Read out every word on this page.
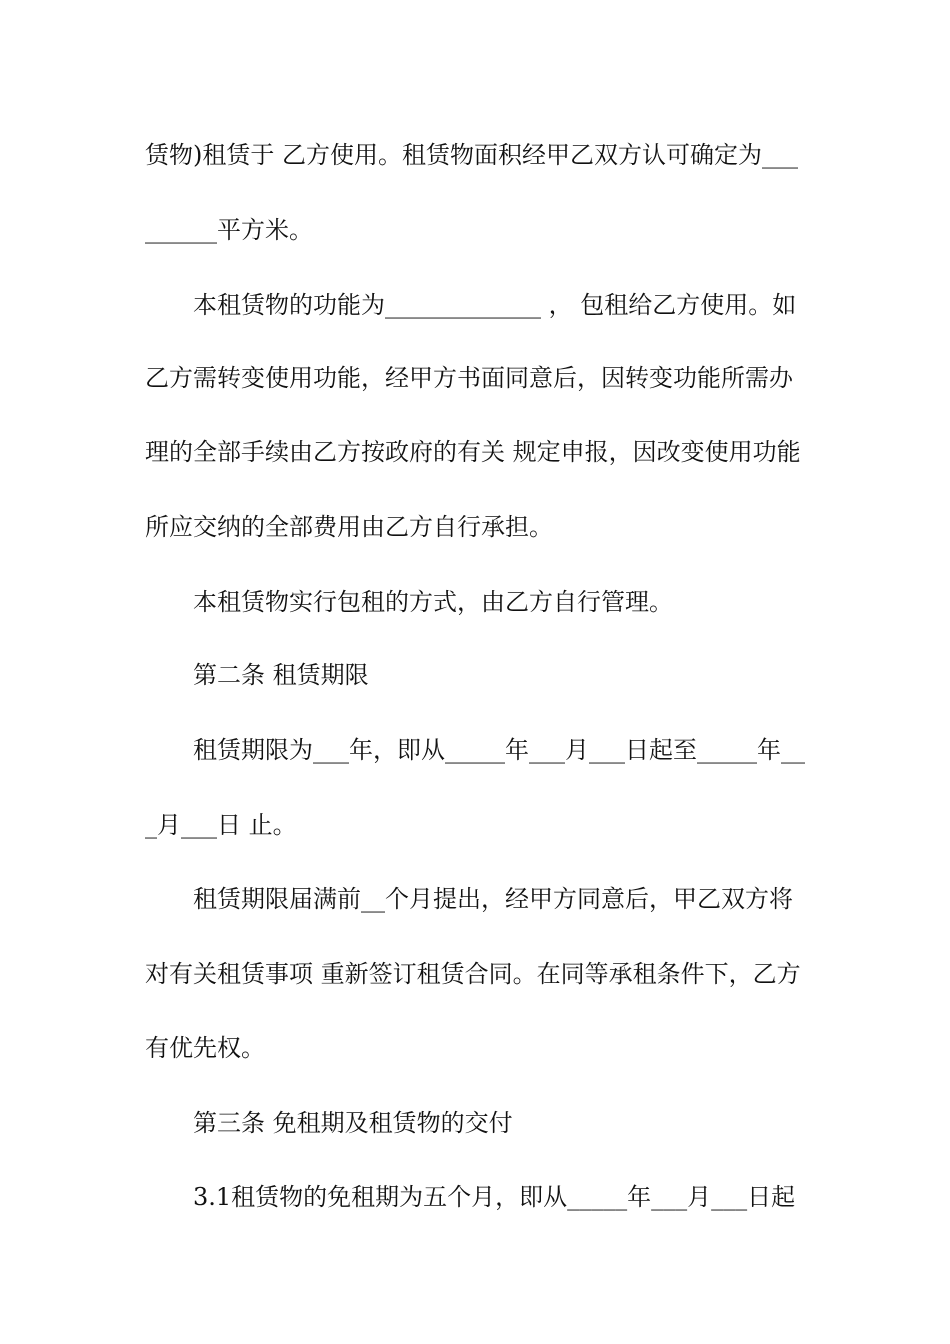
赁物)租赁于 乙方使用。租赁物面积经甲乙双方认可确定为___
______平方米。
本租赁物的功能为_____________ ， 包租给乙方使用。如
乙方需转变使用功能，经甲方书面同意后，因转变功能所需办
理的全部手续由乙方按政府的有关 规定申报，因改变使用功能
所应交纳的全部费用由乙方自行承担。
本租赁物实行包租的方式，由乙方自行管理。
第二条 租赁期限
租赁期限为___年，即从_____年___月___日起至_____年__
_月___日 止。
租赁期限届满前__个月提出，经甲方同意后，甲乙双方将
对有关租赁事项 重新签订租赁合同。在同等承租条件下，乙方
有优先权。
第三条 免租期及租赁物的交付
3.1租赁物的免租期为五个月，即从_____年___月___日起
